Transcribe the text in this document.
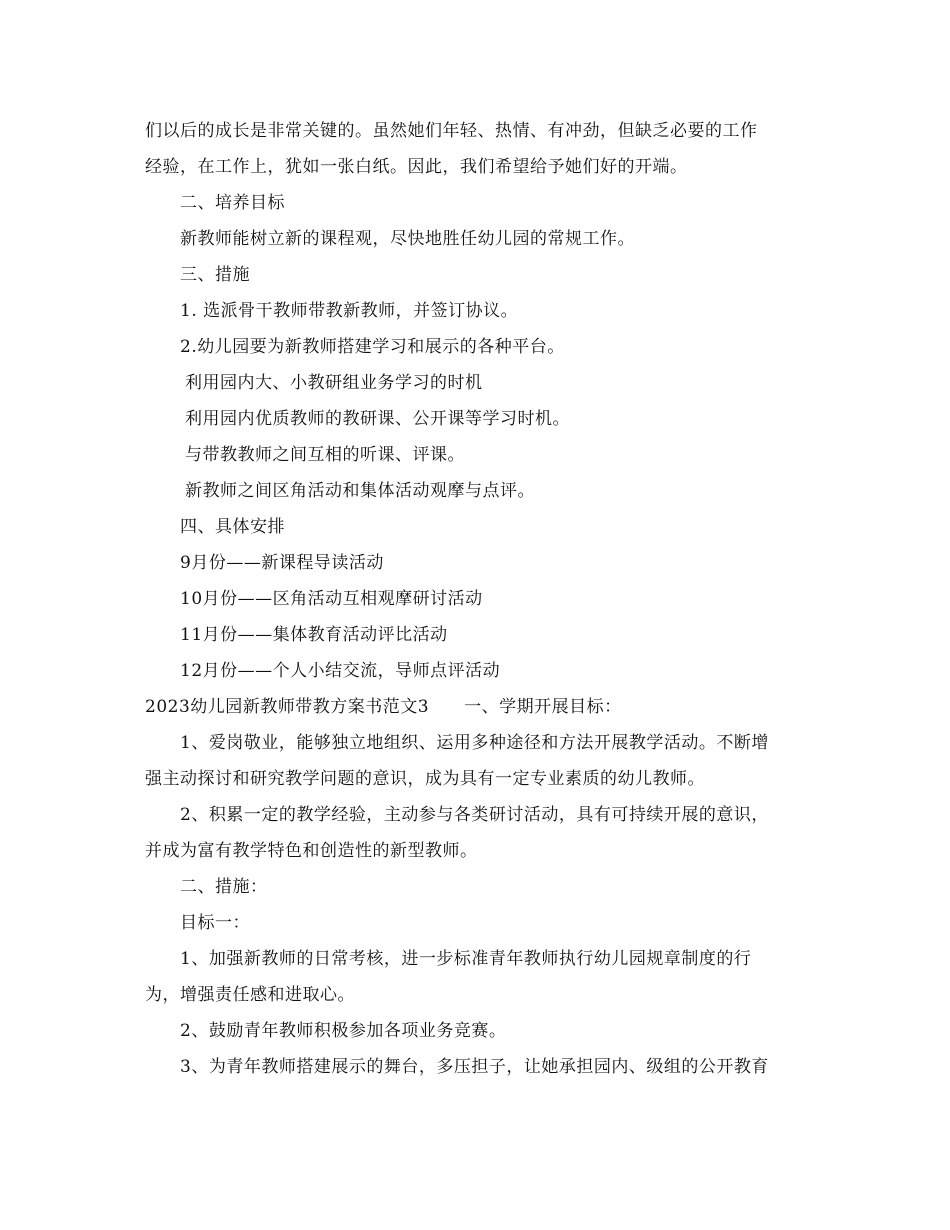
们以后的成长是非常关键的。虽然她们年轻、热情、有冲劲，但缺乏必要的工作
经验，在工作上，犹如一张白纸。因此，我们希望给予她们好的开端。
二、培养目标
新教师能树立新的课程观，尽快地胜任幼儿园的常规工作。
三、措施
1. 选派骨干教师带教新教师，并签订协议。
2.幼儿园要为新教师搭建学习和展示的各种平台。
利用园内大、小教研组业务学习的时机
利用园内优质教师的教研课、公开课等学习时机。
与带教教师之间互相的听课、评课。
新教师之间区角活动和集体活动观摩与点评。
四、具体安排
9月份——新课程导读活动
10月份——区角活动互相观摩研讨活动
11月份——集体教育活动评比活动
12月份——个人小结交流，导师点评活动
2023幼儿园新教师带教方案书范文3　　一、学期开展目标：
1、爱岗敬业，能够独立地组织、运用多种途径和方法开展教学活动。不断增
强主动探讨和研究教学问题的意识，成为具有一定专业素质的幼儿教师。
2、积累一定的教学经验，主动参与各类研讨活动，具有可持续开展的意识，
并成为富有教学特色和创造性的新型教师。
二、措施：
目标一：
1、加强新教师的日常考核，进一步标准青年教师执行幼儿园规章制度的行
为，增强责任感和进取心。
2、鼓励青年教师积极参加各项业务竞赛。
3、为青年教师搭建展示的舞台，多压担子，让她承担园内、级组的公开教育
